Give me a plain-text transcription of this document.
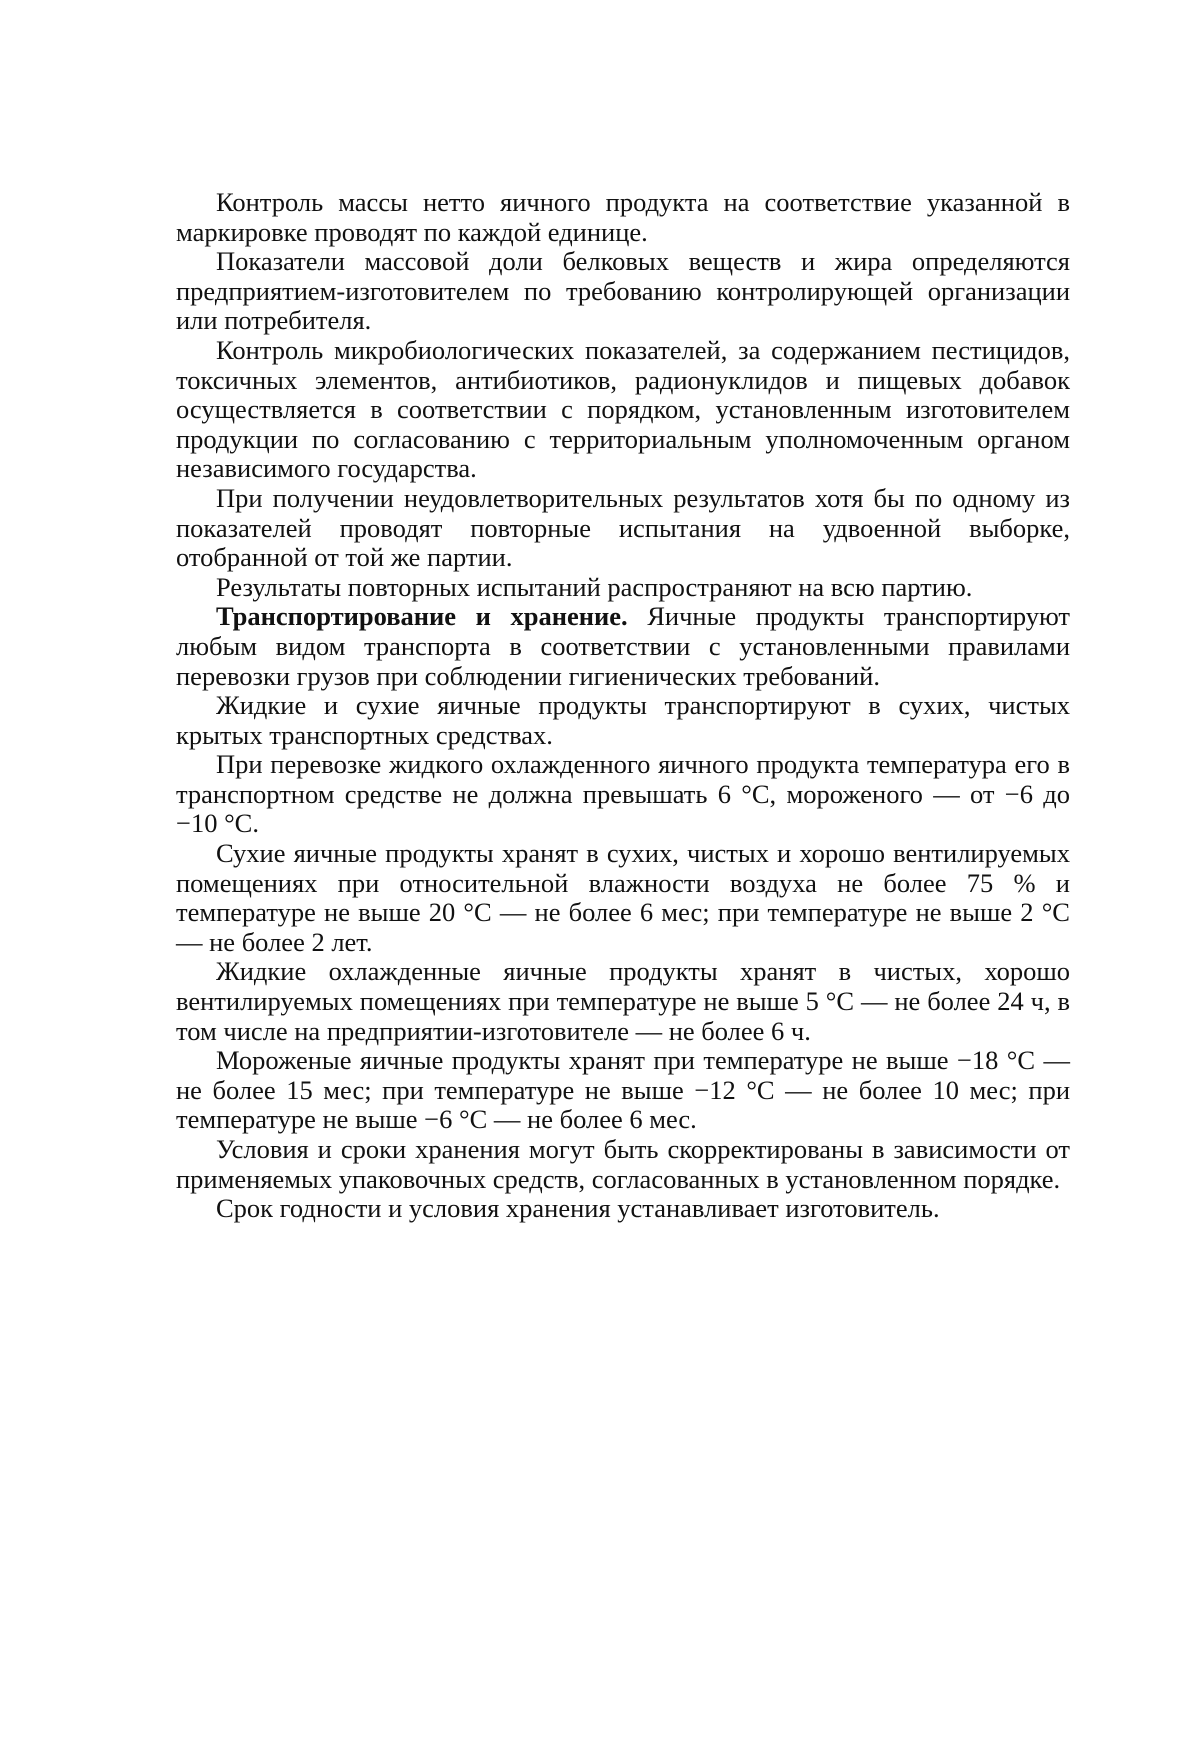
Контроль массы нетто яичного продукта на соответствие указанной в маркировке проводят по каждой единице.

Показатели массовой доли белковых веществ и жира определяются предприятием-изготовителем по требованию контролирующей организации или потребителя.

Контроль микробиологических показателей, за содержанием пестицидов, токсичных элементов, антибиотиков, радионуклидов и пищевых добавок осуществляется в соответствии с порядком, установленным изготовителем продукции по согласованию с территориальным уполномоченным органом независимого государства.

При получении неудовлетворительных результатов хотя бы по одному из показателей проводят повторные испытания на удвоенной выборке, отобранной от той же партии.

Результаты повторных испытаний распространяют на всю партию.

Транспортирование и хранение. Яичные продукты транспортируют любым видом транспорта в соответствии с установленными правилами перевозки грузов при соблюдении гигиенических требований.

Жидкие и сухие яичные продукты транспортируют в сухих, чистых крытых транспортных средствах.

При перевозке жидкого охлажденного яичного продукта температура его в транспортном средстве не должна превышать 6 °С, мороженого — от −6 до −10 °С.

Сухие яичные продукты хранят в сухих, чистых и хорошо вентилируемых помещениях при относительной влажности воздуха не более 75 % и температуре не выше 20 °С — не более 6 мес; при температуре не выше 2 °С — не более 2 лет.

Жидкие охлажденные яичные продукты хранят в чистых, хорошо вентилируемых помещениях при температуре не выше 5 °С — не более 24 ч, в том числе на предприятии-изготовителе — не более 6 ч.

Мороженые яичные продукты хранят при температуре не выше −18 °С — не более 15 мес; при температуре не выше −12 °С — не более 10 мес; при температуре не выше −6 °С — не более 6 мес.

Условия и сроки хранения могут быть скорректированы в зависимости от применяемых упаковочных средств, согласованных в установленном порядке.

Срок годности и условия хранения устанавливает изготовитель.
